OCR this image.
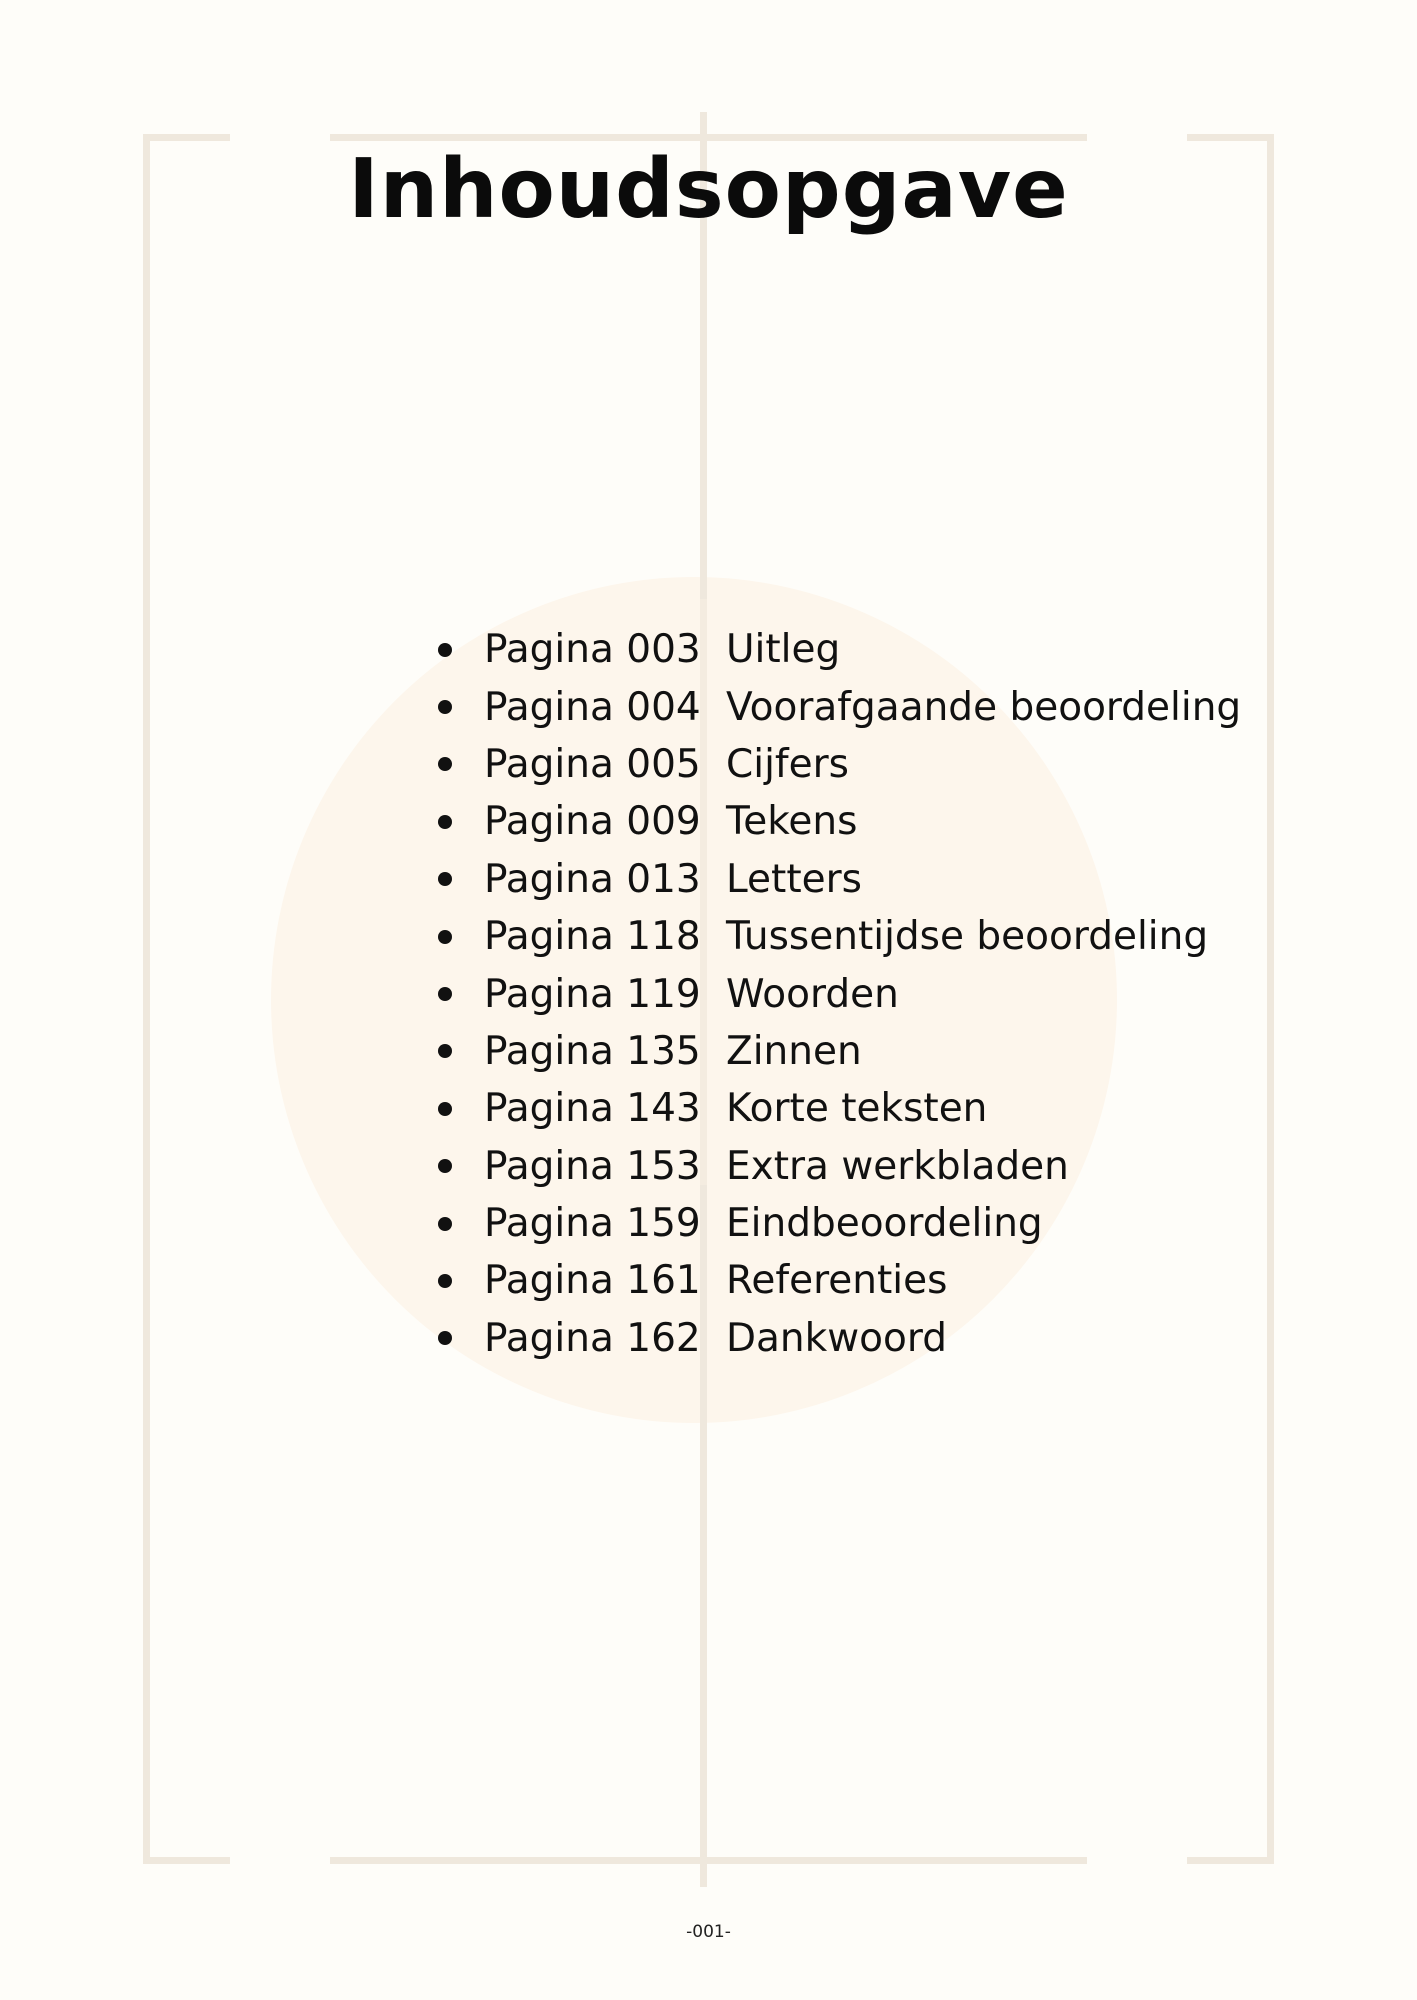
Inhoudsopgave
Pagina 003 Uitleg
Pagina 004 Voorafgaande beoordeling
Pagina 005 Cijfers
Pagina 009 Tekens
Pagina 013 Letters
Pagina 118 Tussentijdse beoordeling
Pagina 119 Woorden
Pagina 135 Zinnen
Pagina 143 Korte teksten
Pagina 153 Extra werkbladen
Pagina 159 Eindbeoordeling
Pagina 161 Referenties
Pagina 162 Dankwoord
-001-
